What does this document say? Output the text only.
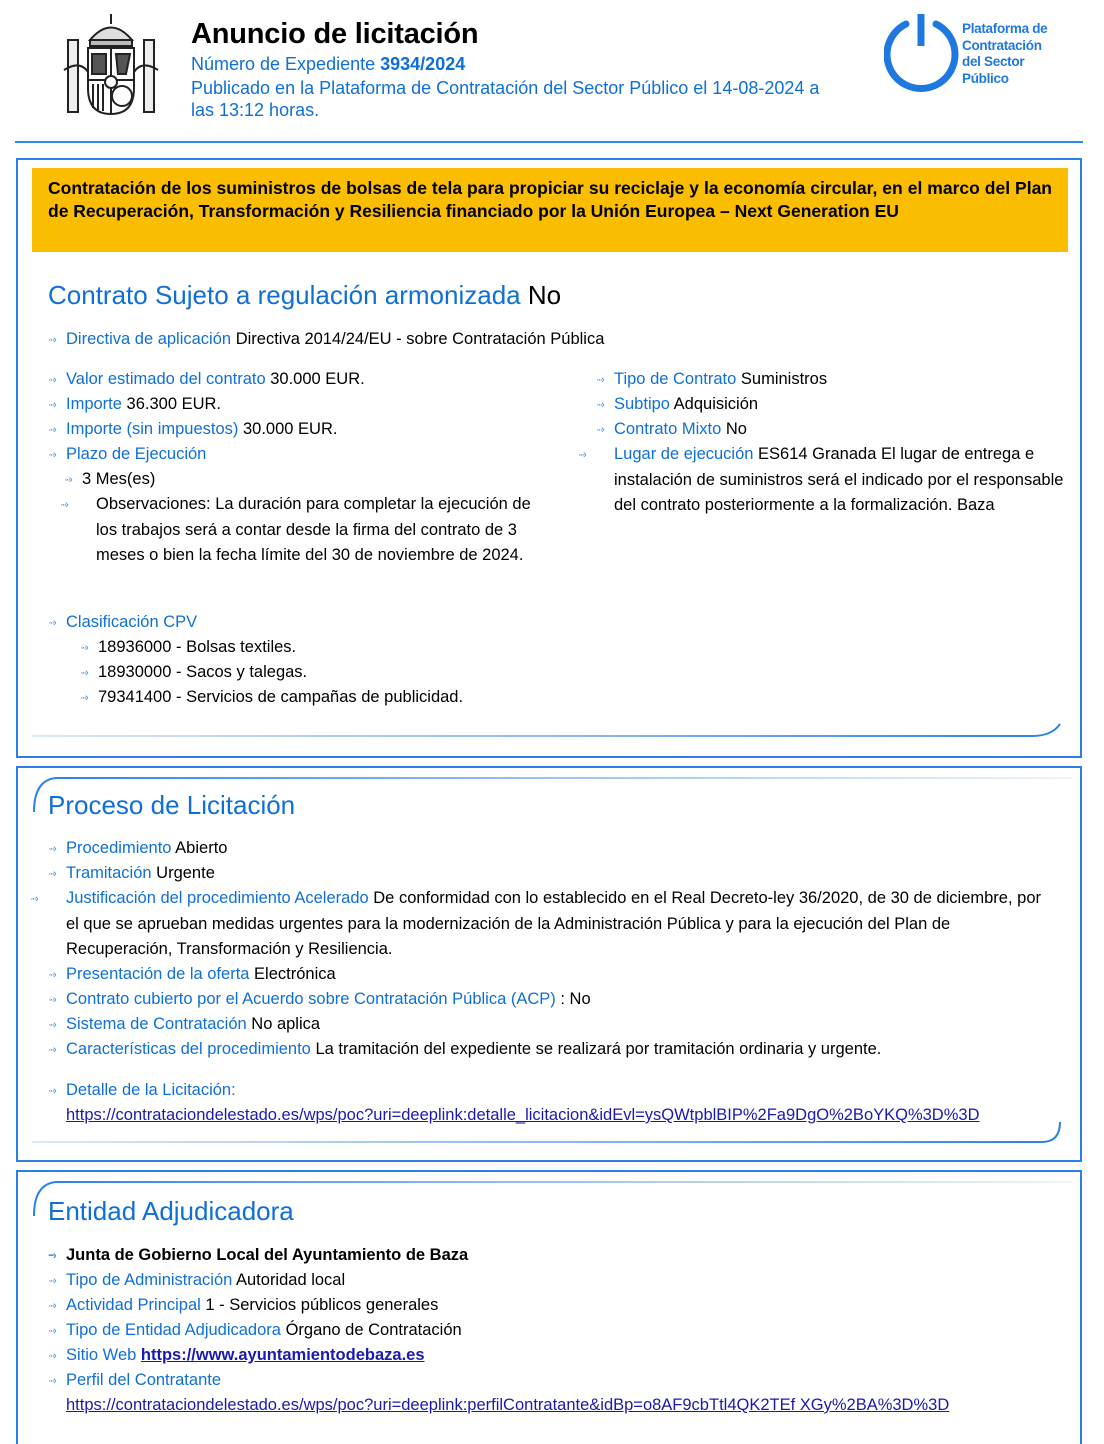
Anuncio de licitación
Número de Expediente 3934/2024
Publicado en la Plataforma de Contratación del Sector Público el 14-08-2024 a
las 13:12 horas.
Plataforma de
Contratación
del Sector
Público
Contratación de los suministros de bolsas de tela para propiciar su reciclaje y la economía circular, en el marco del Plan de Recuperación, Transformación y Resiliencia financiado por la Unión Europea – Next Generation EU
Contrato Sujeto a regulación armonizada No
···› Directiva de aplicación Directiva 2014/24/EU - sobre Contratación Pública
···› Valor estimado del contrato 30.000 EUR.
···› Importe 36.300 EUR.
···› Importe (sin impuestos) 30.000 EUR.
···› Plazo de Ejecución
···› 3 Mes(es)
···› Observaciones: La duración para completar la ejecución de los trabajos será a contar desde la firma del contrato de 3 meses o bien la fecha límite del 30 de noviembre de 2024.
···› Tipo de Contrato Suministros
···› Subtipo Adquisición
···› Contrato Mixto No
···› Lugar de ejecución ES614 Granada El lugar de entrega e instalación de suministros será el indicado por el responsable del contrato posteriormente a la formalización. Baza
···› Clasificación CPV
···› 18936000 - Bolsas textiles.
···› 18930000 - Sacos y talegas.
···› 79341400 - Servicios de campañas de publicidad.
Proceso de Licitación
···› Procedimiento Abierto
···› Tramitación Urgente
···› Justificación del procedimiento Acelerado De conformidad con lo establecido en el Real Decreto-ley 36/2020, de 30 de diciembre, por el que se aprueban medidas urgentes para la modernización de la Administración Pública y para la ejecución del Plan de Recuperación, Transformación y Resiliencia.
···› Presentación de la oferta Electrónica
···› Contrato cubierto por el Acuerdo sobre Contratación Pública (ACP) : No
···› Sistema de Contratación No aplica
···› Características del procedimiento La tramitación del expediente se realizará por tramitación ordinaria y urgente.
···› Detalle de la Licitación:
https://contrataciondelestado.es/wps/poc?uri=deeplink:detalle_licitacion&idEvl=ysQWtpblBIP%2Fa9DgO%2BoYKQ%3D%3D
Entidad Adjudicadora
···› Junta de Gobierno Local del Ayuntamiento de Baza
···› Tipo de Administración Autoridad local
···› Actividad Principal 1 - Servicios públicos generales
···› Tipo de Entidad Adjudicadora Órgano de Contratación
···› Sitio Web https://www.ayuntamientodebaza.es
···› Perfil del Contratante
https://contrataciondelestado.es/wps/poc?uri=deeplink:perfilContratante&idBp=o8AF9cbTtl4QK2TEf XGy%2BA%3D%3D
